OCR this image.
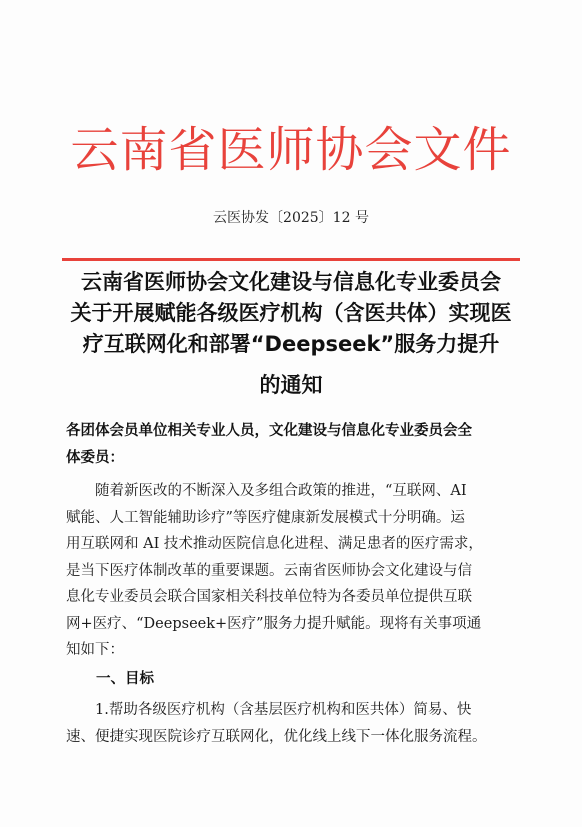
云南省医师协会文件
云医协发〔2025〕12 号
云南省医师协会文化建设与信息化专业委员会
关于开展赋能各级医疗机构（含医共体）实现医
疗互联网化和部署“Deepseek”服务力提升
的通知
各团体会员单位相关专业人员，文化建设与信息化专业委员会全
体委员：
随着新医改的不断深入及多组合政策的推进，“互联网、AI
赋能、人工智能辅助诊疗”等医疗健康新发展模式十分明确。运
用互联网和 AI 技术推动医院信息化进程、满足患者的医疗需求，
是当下医疗体制改革的重要课题。云南省医师协会文化建设与信
息化专业委员会联合国家相关科技单位特为各委员单位提供互联
网+医疗、“Deepseek+医疗”服务力提升赋能。现将有关事项通
知如下：
一、目标
1.帮助各级医疗机构（含基层医疗机构和医共体）简易、快
速、便捷实现医院诊疗互联网化，优化线上线下一体化服务流程。
